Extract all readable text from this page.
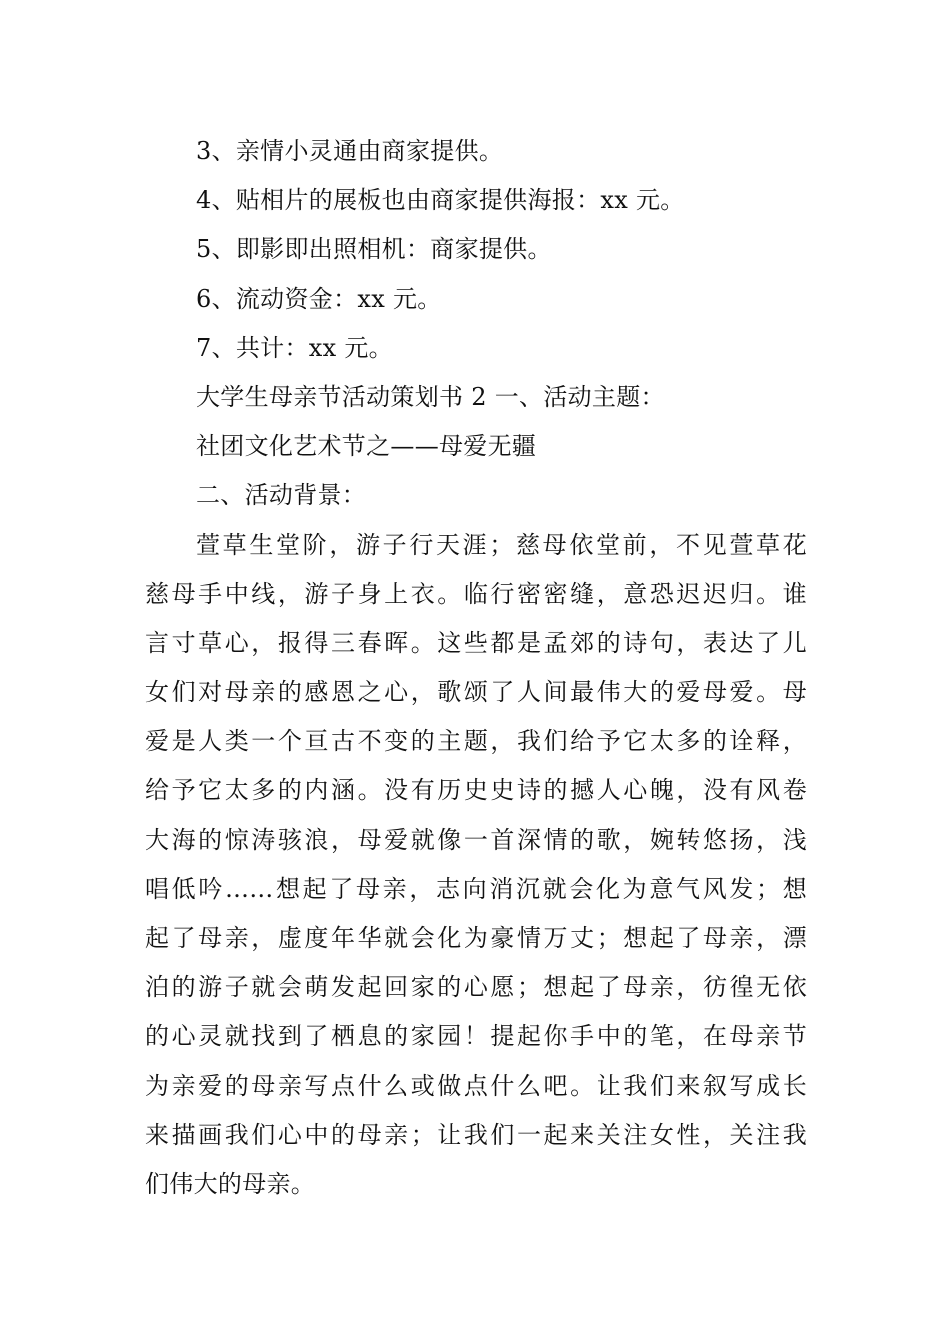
3、亲情小灵通由商家提供。
4、贴相片的展板也由商家提供海报：xx 元。
5、即影即出照相机：商家提供。
6、流动资金：xx 元。
7、共计：xx 元。
大学生母亲节活动策划书 2 一、活动主题：
社团文化艺术节之——母爱无疆
二、活动背景：
萱草生堂阶，游子行天涯；慈母依堂前，不见萱草花
慈母手中线，游子身上衣。临行密密缝，意恐迟迟归。谁
言寸草心，报得三春晖。这些都是孟郊的诗句，表达了儿
女们对母亲的感恩之心，歌颂了人间最伟大的爱母爱。母
爱是人类一个亘古不变的主题，我们给予它太多的诠释，
给予它太多的内涵。没有历史史诗的撼人心魄，没有风卷
大海的惊涛骇浪，母爱就像一首深情的歌，婉转悠扬，浅
唱低吟……想起了母亲，志向消沉就会化为意气风发；想
起了母亲，虚度年华就会化为豪情万丈；想起了母亲，漂
泊的游子就会萌发起回家的心愿；想起了母亲，彷徨无依
的心灵就找到了栖息的家园！提起你手中的笔，在母亲节
为亲爱的母亲写点什么或做点什么吧。让我们来叙写成长
来描画我们心中的母亲；让我们一起来关注女性，关注我
们伟大的母亲。
